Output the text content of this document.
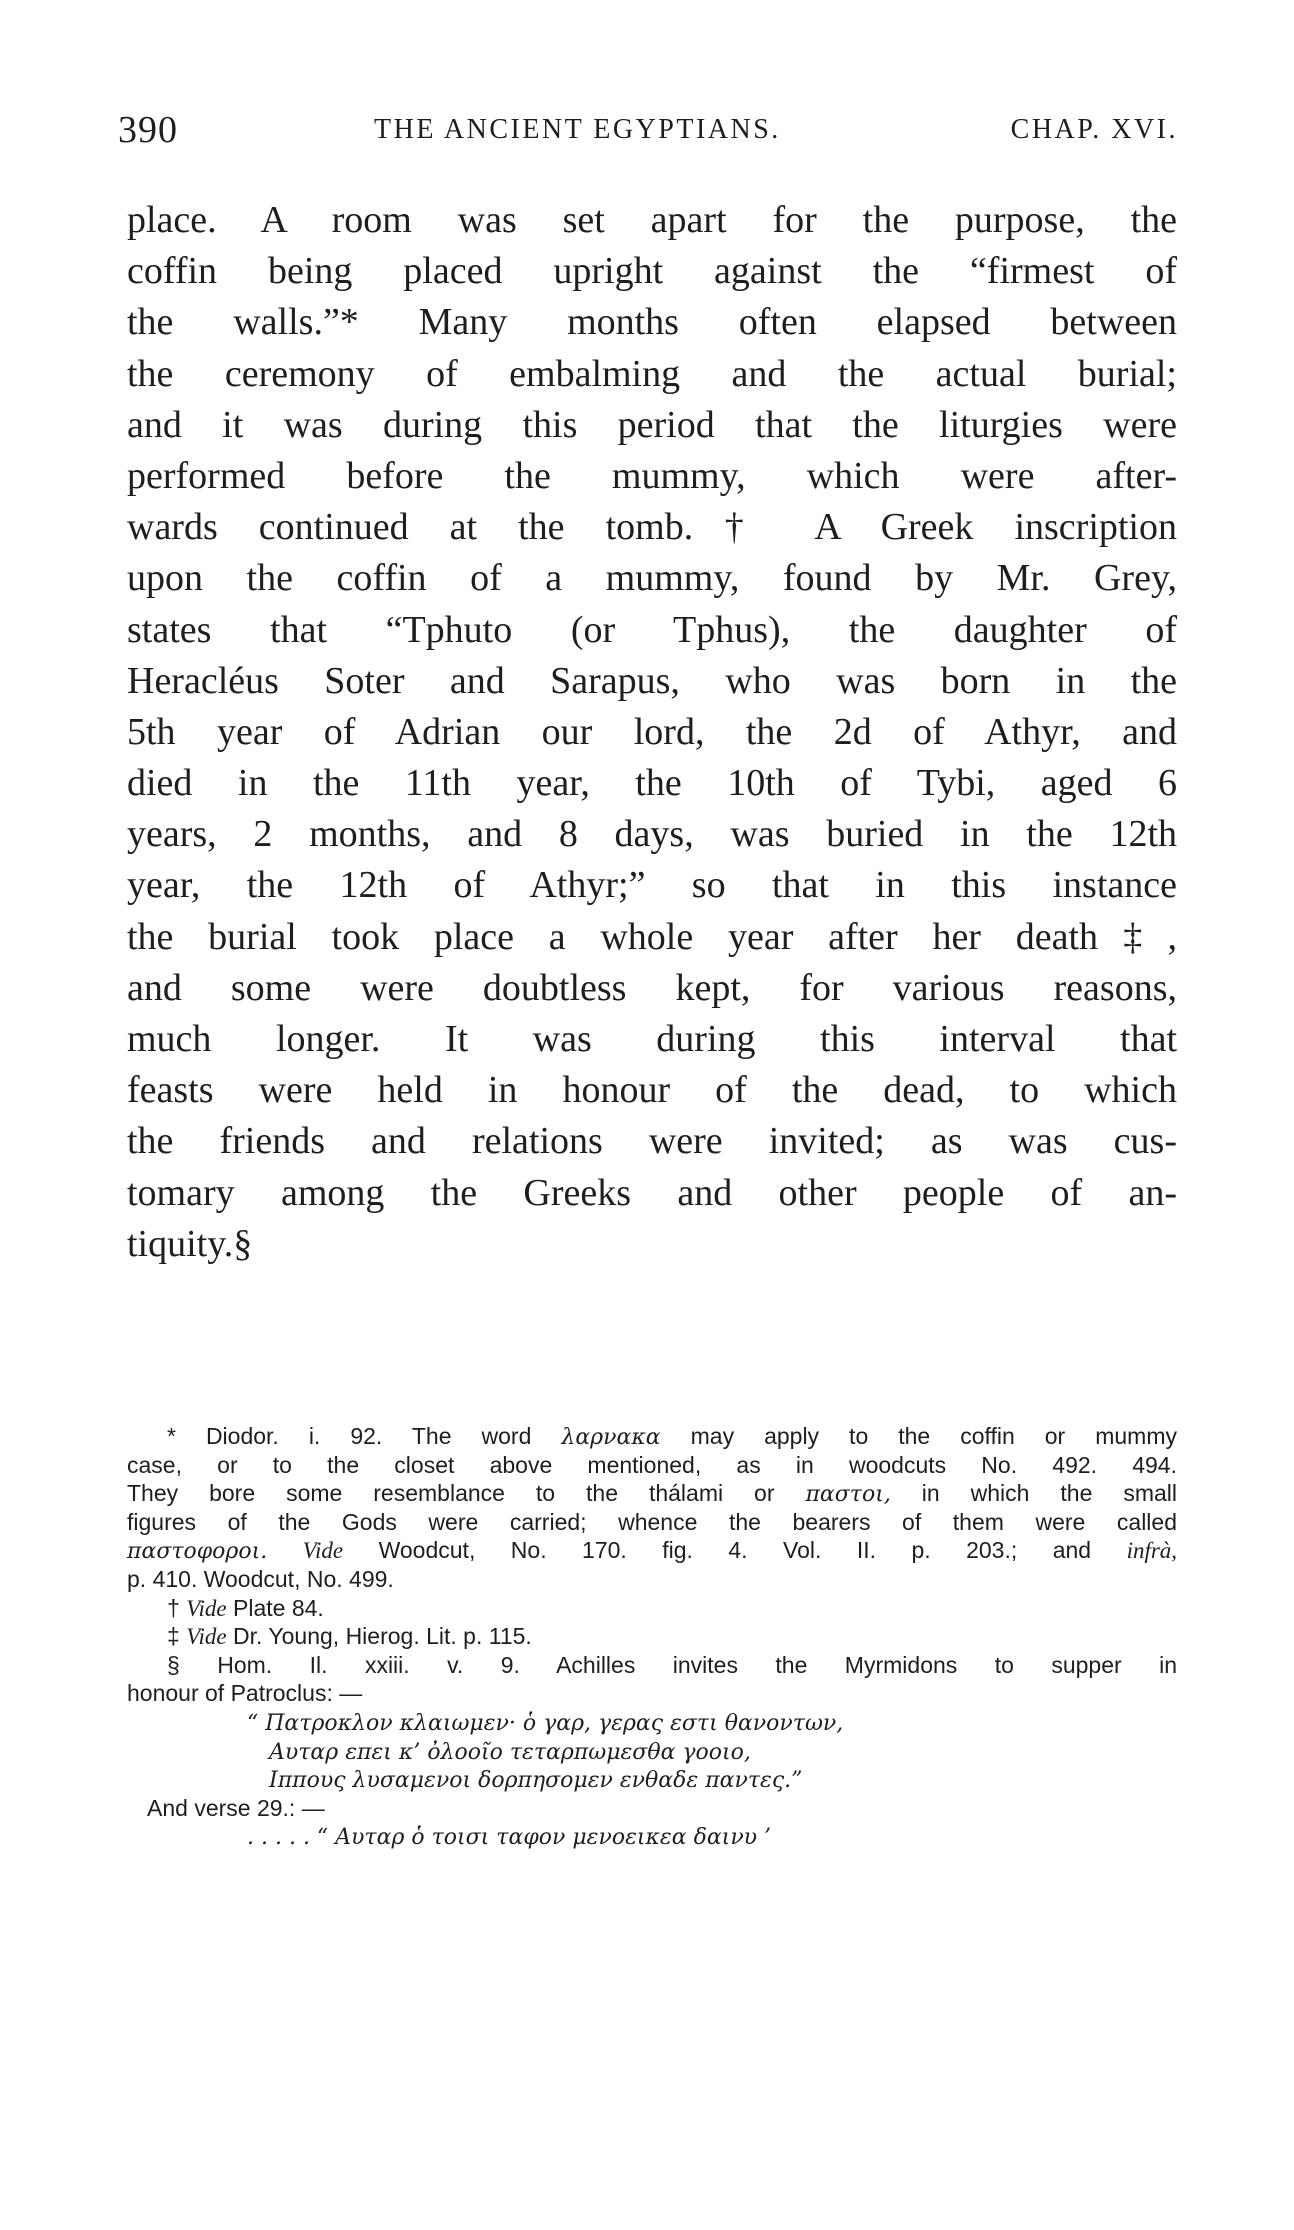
390	THE ANCIENT EGYPTIANS.	CHAP. XVI.
place. A room was set apart for the purpose, the
coffin being placed upright against the “firmest of
the walls.”* Many months often elapsed between
the ceremony of embalming and the actual burial;
and it was during this period that the liturgies were
performed before the mummy, which were after-
wards continued at the tomb.† A Greek inscription
upon the coffin of a mummy, found by Mr. Grey,
states that “Tphuto (or Tphus), the daughter of
Heracléus Soter and Sarapus, who was born in the
5th year of Adrian our lord, the 2d of Athyr, and
died in the 11th year, the 10th of Tybi, aged 6
years, 2 months, and 8 days, was buried in the 12th
year, the 12th of Athyr;” so that in this instance
the burial took place a whole year after her death‡,
and some were doubtless kept, for various reasons,
much longer. It was during this interval that
feasts were held in honour of the dead, to which
the friends and relations were invited; as was cus-
tomary among the Greeks and other people of an-
tiquity.§
* Diodor. i. 92. The word λαρνακα may apply to the coffin or mummy
case, or to the closet above mentioned, as in woodcuts No. 492. 494.
They bore some resemblance to the thálami or παστοι, in which the small
figures of the Gods were carried; whence the bearers of them were called
παστοφοροι. Vide Woodcut, No. 170. fig. 4. Vol. II. p. 203.; and infrà,
p. 410. Woodcut, No. 499.
† Vide Plate 84.
‡ Vide Dr. Young, Hierog. Lit. p. 115.
§ Hom. Il. xxiii. v. 9. Achilles invites the Myrmidons to supper in
honour of Patroclus: —
“ Πατροκλον κλαιωμεν· ὁ γαρ, γερας εστι θανοντων,
Αυταρ επει κ’ ὀλοοῖο τεταρπωμεσθα γοοιο,
Ιππους λυσαμενοι δορπησομεν ενθαδε παντες.”
And verse 29.: —
. . . . . “ Αυταρ ὁ τοισι ταφον μενοεικεα δαινυ ’
